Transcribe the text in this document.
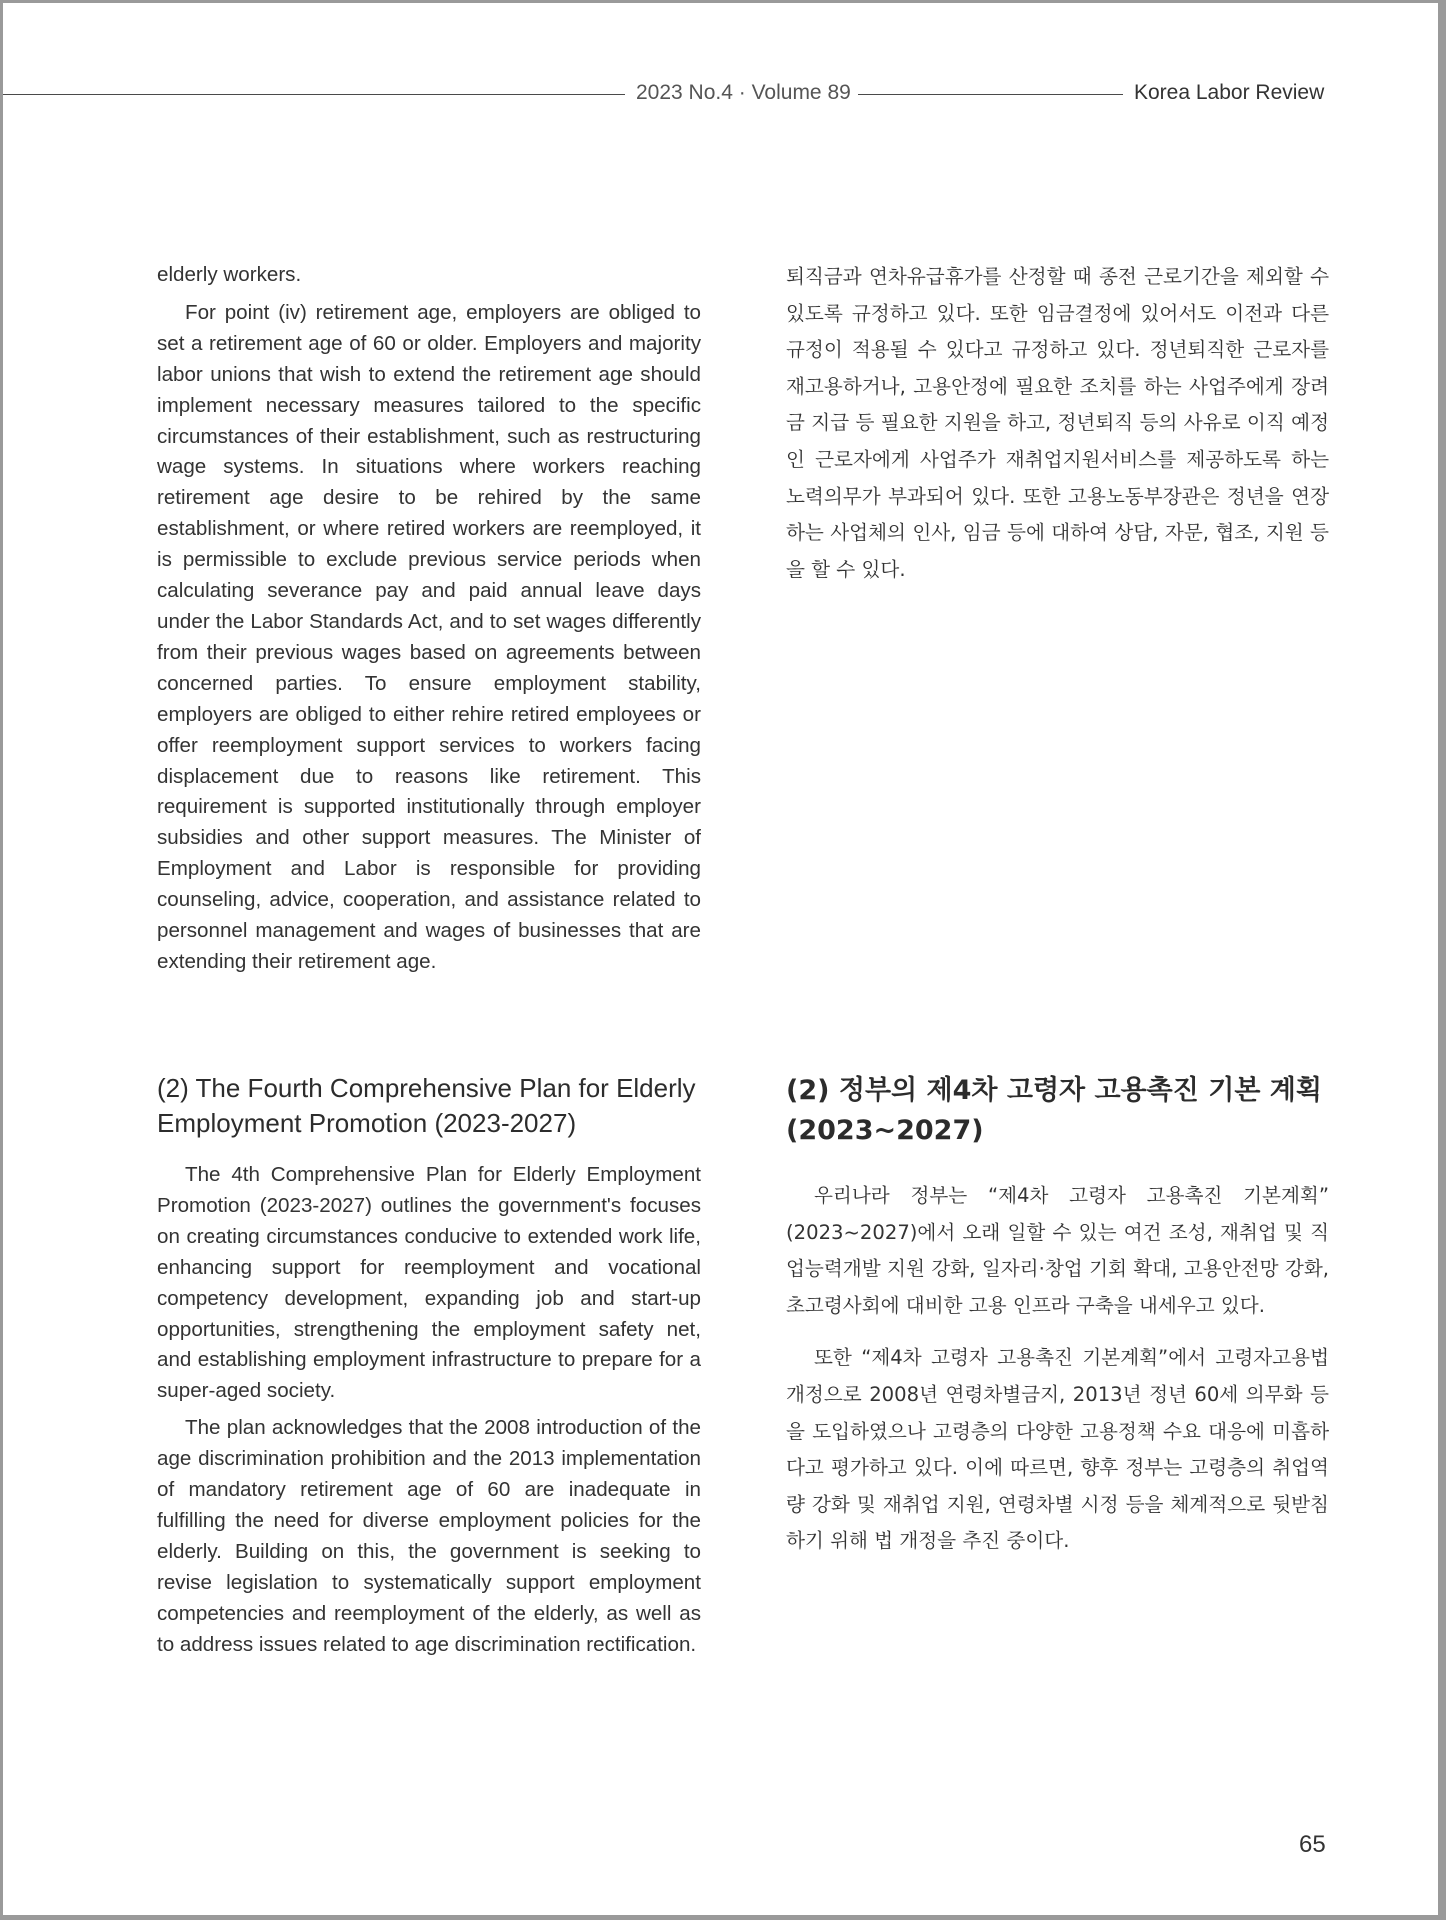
2023 No.4 · Volume 89	Korea Labor Review

elderly workers.

For point (iv) retirement age, employers are obliged to set a retirement age of 60 or older. Employers and majority labor unions that wish to extend the retirement age should implement necessary measures tailored to the specific circumstances of their establishment, such as restructuring wage systems. In situations where workers reaching retirement age desire to be rehired by the same establishment, or where retired workers are reemployed, it is permissible to exclude previous service periods when calculating severance pay and paid annual leave days under the Labor Standards Act, and to set wages differently from their previous wages based on agreements between concerned parties. To ensure employment stability, employers are obliged to either rehire retired employees or offer reemployment support services to workers facing displacement due to reasons like retirement. This requirement is supported institutionally through employer subsidies and other support measures. The Minister of Employment and Labor is responsible for providing counseling, advice, cooperation, and assistance related to personnel management and wages of businesses that are extending their retirement age.

퇴직금과 연차유급휴가를 산정할 때 종전 근로기간을 제외할 수 있도록 규정하고 있다. 또한 임금결정에 있어서도 이전과 다른 규정이 적용될 수 있다고 규정하고 있다. 정년퇴직한 근로자를 재고용하거나, 고용안정에 필요한 조치를 하는 사업주에게 장려금 지급 등 필요한 지원을 하고, 정년퇴직 등의 사유로 이직 예정인 근로자에게 사업주가 재취업지원서비스를 제공하도록 하는 노력의무가 부과되어 있다. 또한 고용노동부장관은 정년을 연장하는 사업체의 인사, 임금 등에 대하여 상담, 자문, 협조, 지원 등을 할 수 있다.

(2) The Fourth Comprehensive Plan for Elderly Employment Promotion (2023-2027)
(2) 정부의 제4차 고령자 고용촉진 기본 계획 (2023~2027)

The 4th Comprehensive Plan for Elderly Employment Promotion (2023-2027) outlines the government's focuses on creating circumstances conducive to extended work life, enhancing support for reemployment and vocational competency development, expanding job and start-up opportunities, strengthening the employment safety net, and establishing employment infrastructure to prepare for a super-aged society.

The plan acknowledges that the 2008 introduction of the age discrimination prohibition and the 2013 implementation of mandatory retirement age of 60 are inadequate in fulfilling the need for diverse employment policies for the elderly. Building on this, the government is seeking to revise legislation to systematically support employment competencies and reemployment of the elderly, as well as to address issues related to age discrimination rectification.

우리나라 정부는 “제4차 고령자 고용촉진 기본계획” (2023~2027)에서 오래 일할 수 있는 여건 조성, 재취업 및 직업능력개발 지원 강화, 일자리·창업 기회 확대, 고용안전망 강화, 초고령사회에 대비한 고용 인프라 구축을 내세우고 있다.

또한 “제4차 고령자 고용촉진 기본계획”에서 고령자고용법 개정으로 2008년 연령차별금지, 2013년 정년 60세 의무화 등을 도입하였으나 고령층의 다양한 고용정책 수요 대응에 미흡하다고 평가하고 있다. 이에 따르면, 향후 정부는 고령층의 취업역량 강화 및 재취업 지원, 연령차별 시정 등을 체계적으로 뒷받침하기 위해 법 개정을 추진 중이다.

65
